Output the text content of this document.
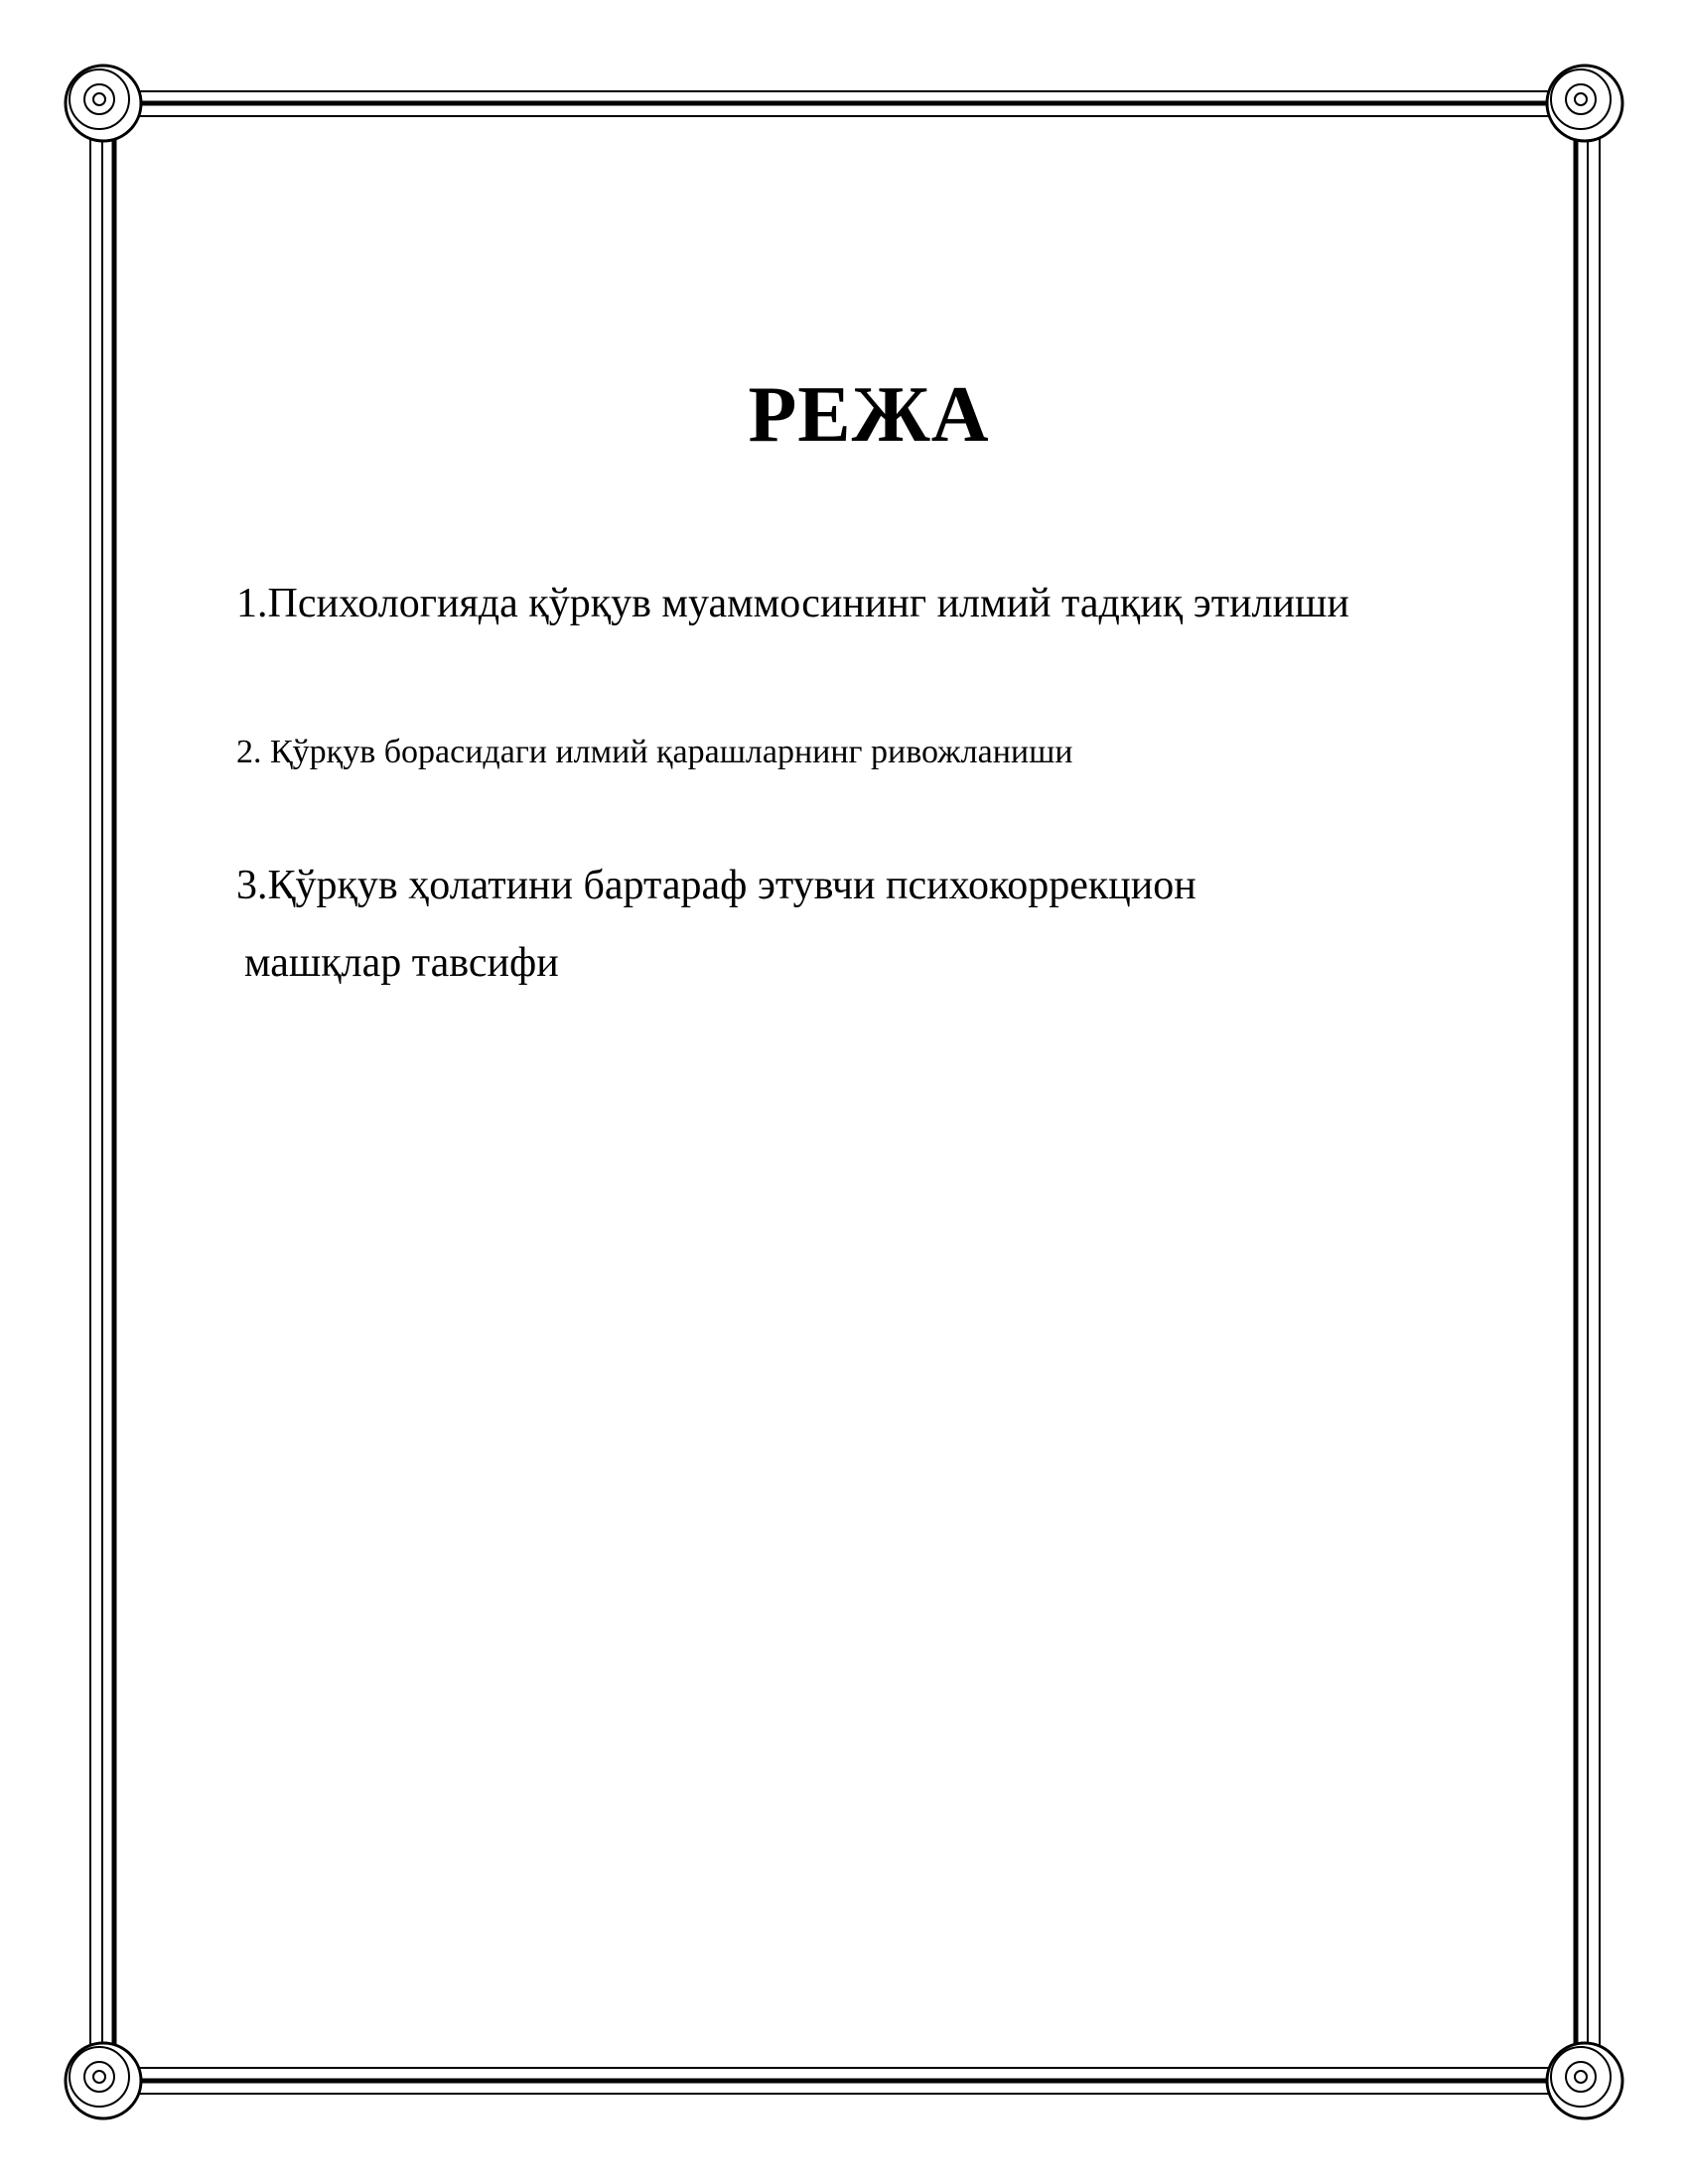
РЕЖА

1.Психологияда қўрқув муаммосининг илмий тадқиқ этилиши

2. Қўрқув борасидаги илмий қарашларнинг ривожланиши

3.Қўрқув ҳолатини бартараф этувчи психокоррекцион

машқлар тавсифи
